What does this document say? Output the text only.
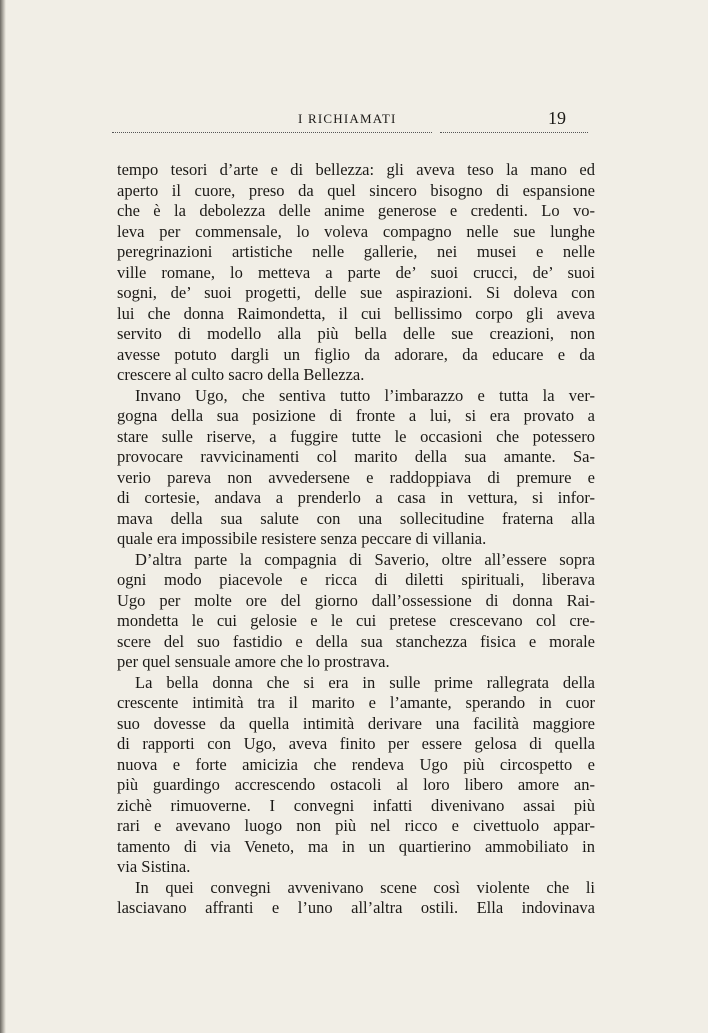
I RICHIAMATI	19
tempo tesori d’arte e di bellezza: gli aveva teso la mano ed
aperto il cuore, preso da quel sincero bisogno di espansione
che è la debolezza delle anime generose e credenti. Lo vo-
leva per commensale, lo voleva compagno nelle sue lunghe
peregrinazioni artistiche nelle gallerie, nei musei e nelle
ville romane, lo metteva a parte de’ suoi crucci, de’ suoi
sogni, de’ suoi progetti, delle sue aspirazioni. Si doleva con
lui che donna Raimondetta, il cui bellissimo corpo gli aveva
servito di modello alla più bella delle sue creazioni, non
avesse potuto dargli un figlio da adorare, da educare e da
crescere al culto sacro della Bellezza.
Invano Ugo, che sentiva tutto l’imbarazzo e tutta la ver-
gogna della sua posizione di fronte a lui, si era provato a
stare sulle riserve, a fuggire tutte le occasioni che potessero
provocare ravvicinamenti col marito della sua amante. Sa-
verio pareva non avvedersene e raddoppiava di premure e
di cortesie, andava a prenderlo a casa in vettura, si infor-
mava della sua salute con una sollecitudine fraterna alla
quale era impossibile resistere senza peccare di villania.
D’altra parte la compagnia di Saverio, oltre all’essere sopra
ogni modo piacevole e ricca di diletti spirituali, liberava
Ugo per molte ore del giorno dall’ossessione di donna Rai-
mondetta le cui gelosie e le cui pretese crescevano col cre-
scere del suo fastidio e della sua stanchezza fisica e morale
per quel sensuale amore che lo prostrava.
La bella donna che si era in sulle prime rallegrata della
crescente intimità tra il marito e l’amante, sperando in cuor
suo dovesse da quella intimità derivare una facilità maggiore
di rapporti con Ugo, aveva finito per essere gelosa di quella
nuova e forte amicizia che rendeva Ugo più circospetto e
più guardingo accrescendo ostacoli al loro libero amore an-
zichè rimuoverne. I convegni infatti divenivano assai più
rari e avevano luogo non più nel ricco e civettuolo appar-
tamento di via Veneto, ma in un quartierino ammobiliato in
via Sistina.
In quei convegni avvenivano scene così violente che li
lasciavano affranti e l’uno all’altra ostili. Ella indovinava
